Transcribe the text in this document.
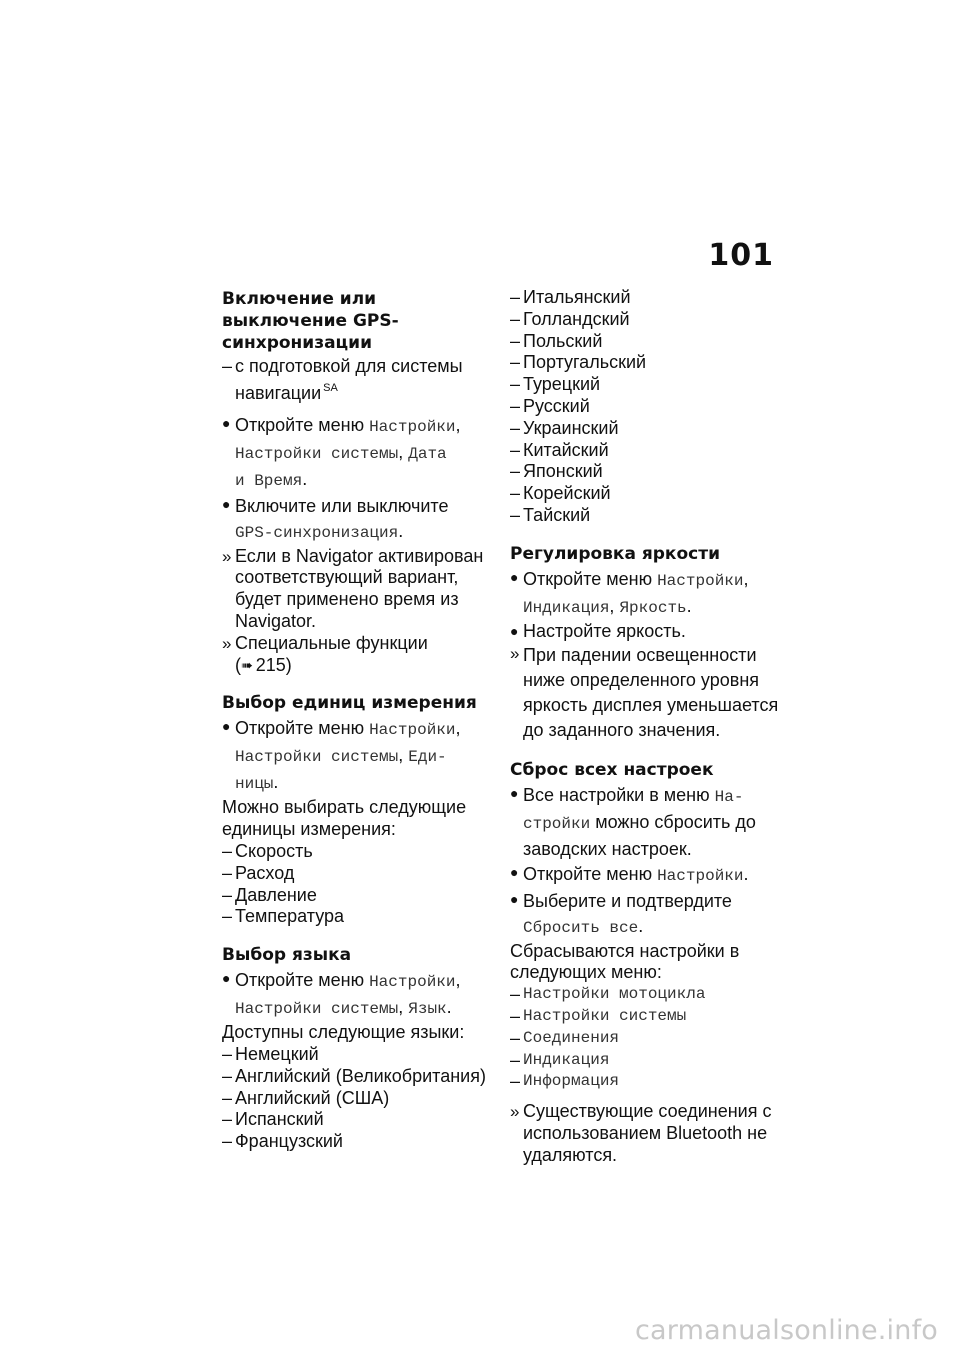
101
Включение или
выключение GPS-
синхронизации
– с подготовкой для системы
навигации $^{SA}$
● Откройте меню Настройки,
Настройки системы, Дата
и Время.
● Включите или выключите
GPS-синхронизация.
» Если в Navigator активирован
соответствующий вариант,
будет применено время из
Navigator.
» Специальные функции
(➠ 215)
Выбор единиц измерения
● Откройте меню Настройки,
Настройки системы, Еди-
ницы.
Можно выбирать следующие
единицы измерения:
– Скорость
– Расход
– Давление
– Температура
Выбор языка
● Откройте меню Настройки,
Настройки системы, Язык.
Доступны следующие языки:
– Немецкий
– Английский (Великобритания)
– Английский (США)
– Испанский
– Французский
– Итальянский
– Голландский
– Польский
– Португальский
– Турецкий
– Русский
– Украинский
– Китайский
– Японский
– Корейский
– Тайский
Регулировка яркости
● Откройте меню Настройки,
Индикация, Яркость.
● Настройте яркость.
» При падении освещенности
ниже определенного уровня
яркость дисплея уменьшается
до заданного значения.
Сброс всех настроек
● Все настройки в меню На-
стройки можно сбросить до
заводских настроек.
● Откройте меню Настройки.
● Выберите и подтвердите
Сбросить все.
Сбрасываются настройки в
следующих меню:
– Настройки мотоцикла
– Настройки системы
– Соединения
– Индикация
– Информация
» Существующие соединения с
использованием Bluetooth не
удаляются.
carmanualsonline.info
